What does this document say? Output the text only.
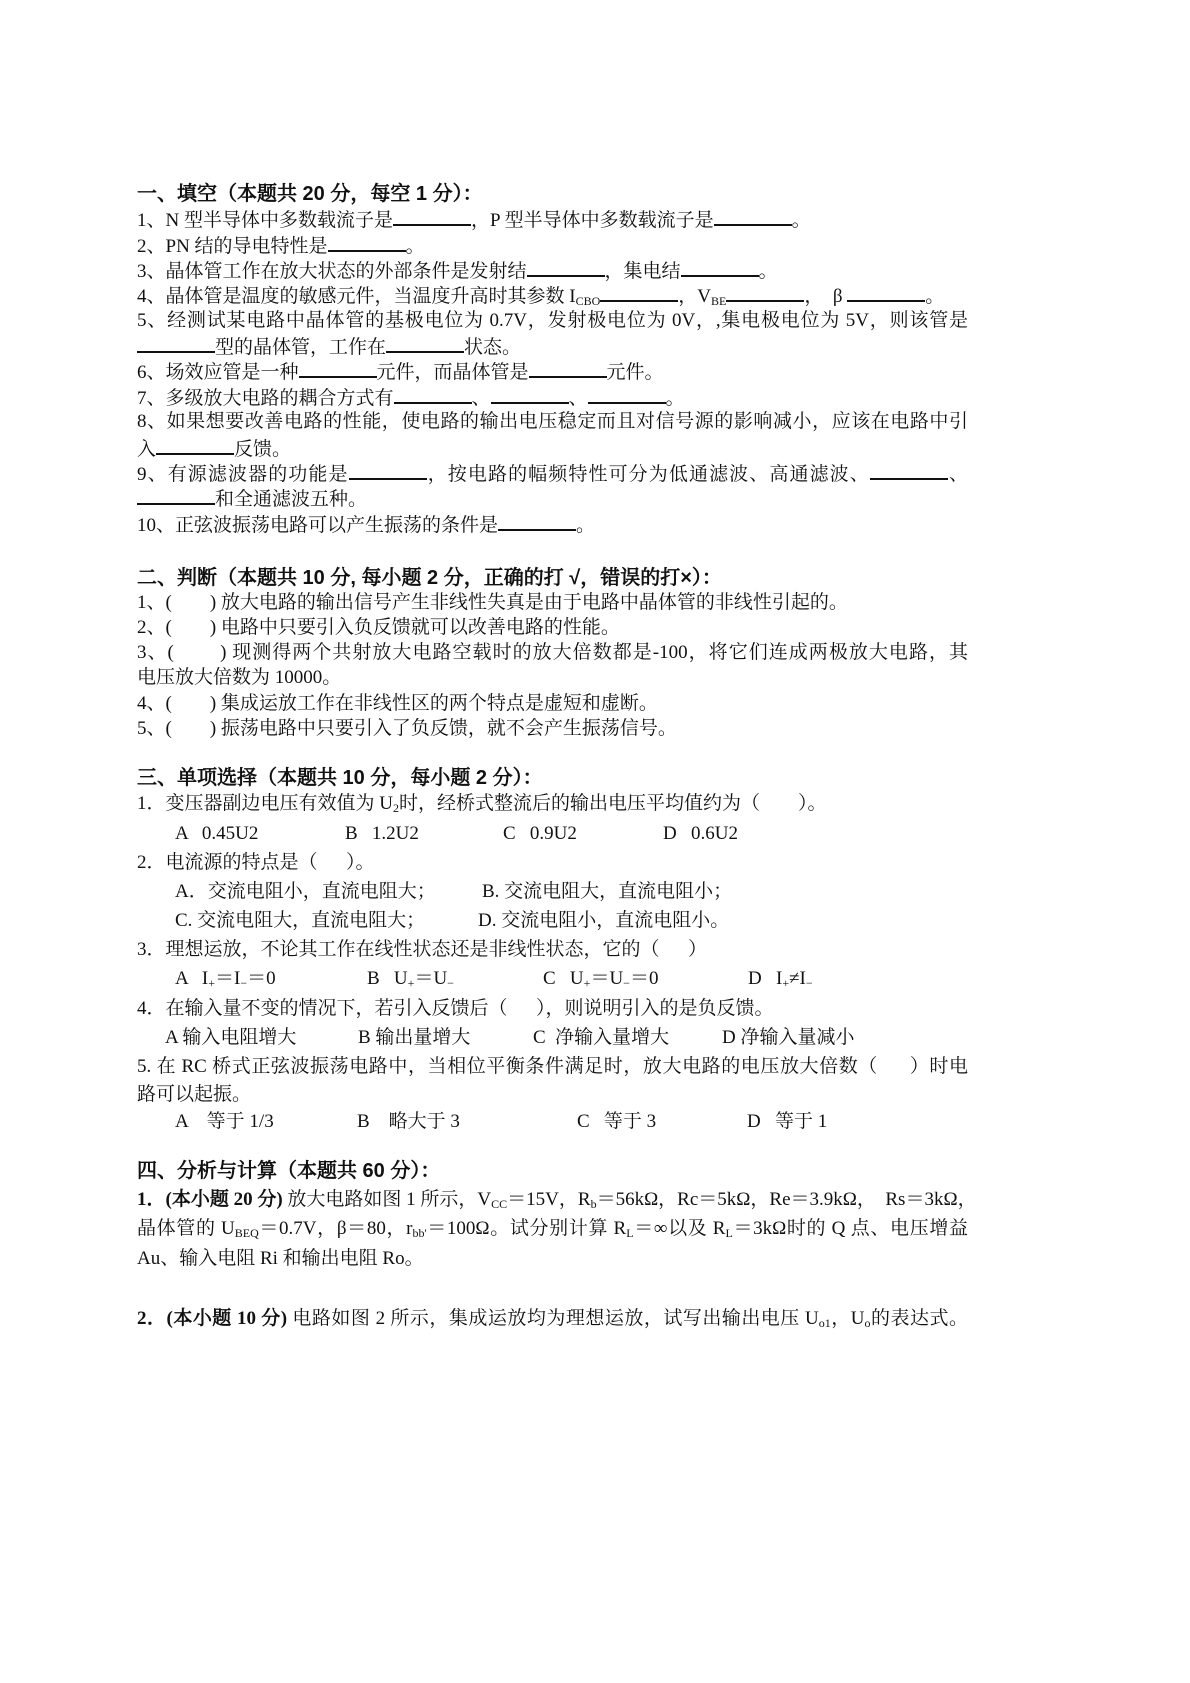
一、填空（本题共 20 分，每空 1 分）：
1、N 型半导体中多数载流子是	，P 型半导体中多数载流子是	。
2、PN 结的导电特性是	。
3、晶体管工作在放大状态的外部条件是发射结	，集电结	。
4、晶体管是温度的敏感元件，当温度升高时其参数 $I_{CBO}$	，$V_{BE}$	，  β	。
5、经测试某电路中晶体管的基极电位为 0.7V，发射极电位为 0V，,集电极电位为 5V，则该管是
型的晶体管，工作在	状态。
6、场效应管是一种	元件，而晶体管是	元件。
7、多级放大电路的耦合方式有	、	、	。
8、如果想要改善电路的性能，使电路的输出电压稳定而且对信号源的影响减小，应该在电路中引
入	反馈。
9、有源滤波器的功能是	，按电路的幅频特性可分为低通滤波、高通滤波、	、
和全通滤波五种。
10、正弦波振荡电路可以产生振荡的条件是	。
二、判断（本题共 10 分, 每小题 2 分，正确的打 √，错误的打×）：
1、(        ) 放大电路的输出信号产生非线性失真是由于电路中晶体管的非线性引起的。
2、(        ) 电路中只要引入负反馈就可以改善电路的性能。
3、(        ) 现测得两个共射放大电路空载时的放大倍数都是-100，将它们连成两极放大电路，其
电压放大倍数为 10000。
4、(        ) 集成运放工作在非线性区的两个特点是虚短和虚断。
5、(        ) 振荡电路中只要引入了负反馈，就不会产生振荡信号。
三、单项选择（本题共 10 分，每小题 2 分）：
1．变压器副边电压有效值为 $U_2$时，经桥式整流后的输出电压平均值约为（        ）。
A   0.45U2	B   1.2U2	C   0.9U2	D   0.6U2
2．电流源的特点是（      ）。
A．交流电阻小，直流电阻大； B. 交流电阻大，直流电阻小；
C. 交流电阻大，直流电阻大；	D. 交流电阻小，直流电阻小。
3．理想运放，不论其工作在线性状态还是非线性状态，它的（      ）
A   $I_+=I_-=0$	B   $U_+=U_-$	C   $U_+=U_-=0$	D   $I_+\ne I_-$
4．在输入量不变的情况下，若引入反馈后（      ），则说明引入的是负反馈。
A 输入电阻增大	B 输出量增大	C  净输入量增大	D 净输入量减小
5. 在 RC 桥式正弦波振荡电路中，当相位平衡条件满足时，放大电路的电压放大倍数（      ）时电
路可以起振。
A    等于 1/3	B    略大于 3	C   等于 3	D   等于 1
四、分析与计算（本题共 60 分）：
1．(本小题 20 分) 放大电路如图 1 所示，$V_{CC}=15V$，$R_b=56k\Omega$，Rc＝5kΩ，Re＝3.9kΩ，  Rs＝3kΩ，
晶体管的 $U_{BEQ}=0.7V$，β＝80，$r_{bb'}=100\Omega$。试分别计算 $R_L=\infty$以及 $R_L=3k\Omega$时的 Q 点、电压增益
Au、输入电阻 Ri 和输出电阻 Ro。
2．(本小题 10 分) 电路如图 2 所示，集成运放均为理想运放，试写出输出电压 $U_{o1}$，$U_o$的表达式。
